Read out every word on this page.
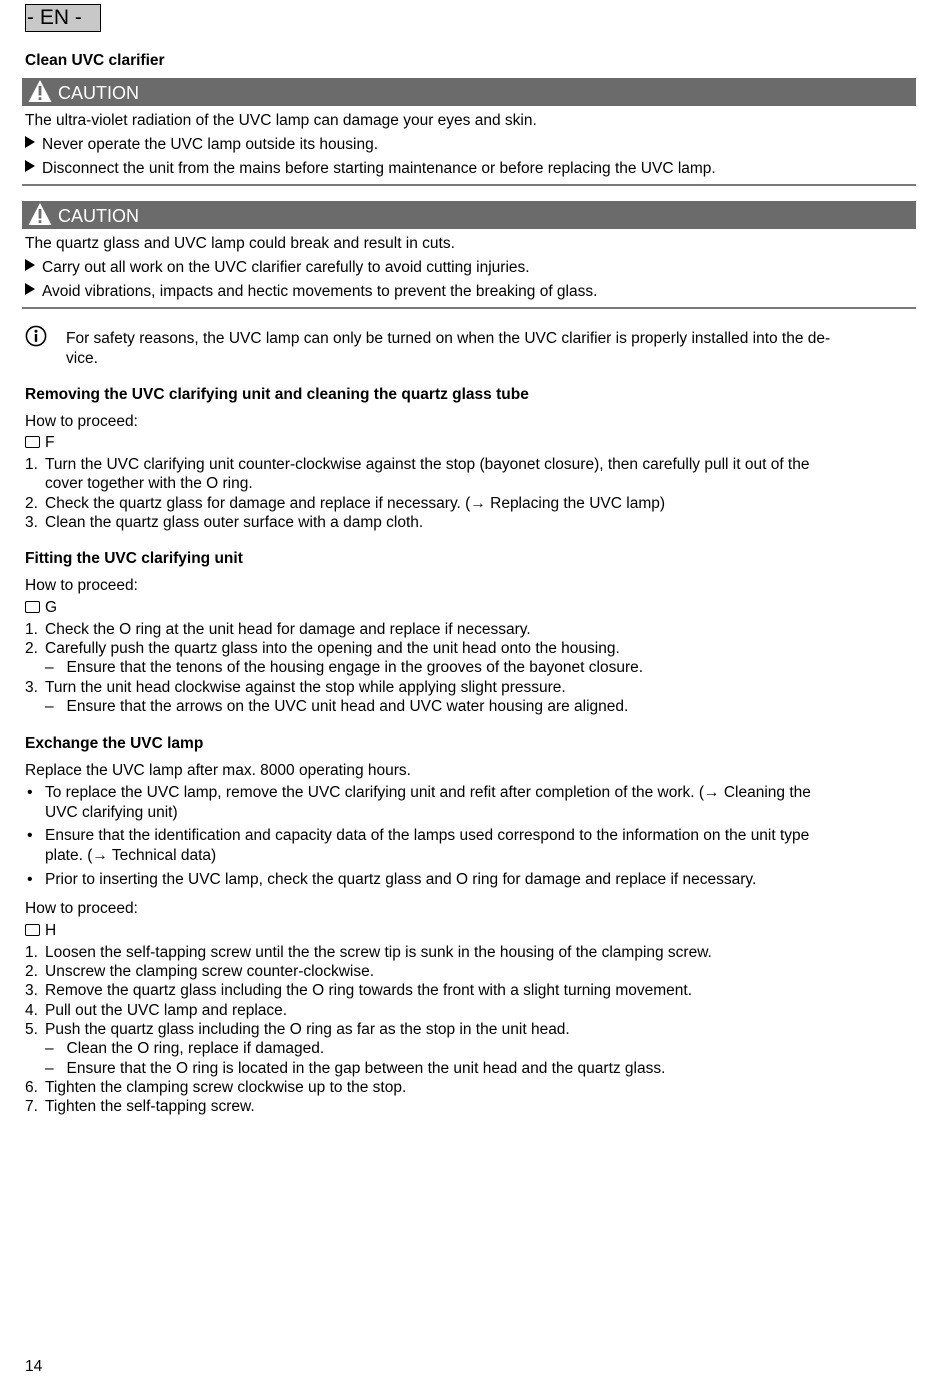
- EN -
Clean UVC clarifier
CAUTION
The ultra-violet radiation of the UVC lamp can damage your eyes and skin.
Never operate the UVC lamp outside its housing.
Disconnect the unit from the mains before starting maintenance or before replacing the UVC lamp.
CAUTION
The quartz glass and UVC lamp could break and result in cuts.
Carry out all work on the UVC clarifier carefully to avoid cutting injuries.
Avoid vibrations, impacts and hectic movements to prevent the breaking of glass.
For safety reasons, the UVC lamp can only be turned on when the UVC clarifier is properly installed into the de-
vice.
Removing the UVC clarifying unit and cleaning the quartz glass tube
How to proceed:
F
1. Turn the UVC clarifying unit counter-clockwise against the stop (bayonet closure), then carefully pull it out of the
cover together with the O ring.
2. Check the quartz glass for damage and replace if necessary. (→ Replacing the UVC lamp)
3. Clean the quartz glass outer surface with a damp cloth.
Fitting the UVC clarifying unit
How to proceed:
G
1. Check the O ring at the unit head for damage and replace if necessary.
2. Carefully push the quartz glass into the opening and the unit head onto the housing.
–   Ensure that the tenons of the housing engage in the grooves of the bayonet closure.
3. Turn the unit head clockwise against the stop while applying slight pressure.
–   Ensure that the arrows on the UVC unit head and UVC water housing are aligned.
Exchange the UVC lamp
Replace the UVC lamp after max. 8000 operating hours.
• To replace the UVC lamp, remove the UVC clarifying unit and refit after completion of the work. (→ Cleaning the
UVC clarifying unit)
• Ensure that the identification and capacity data of the lamps used correspond to the information on the unit type
plate. (→ Technical data)
• Prior to inserting the UVC lamp, check the quartz glass and O ring for damage and replace if necessary.
How to proceed:
H
1. Loosen the self-tapping screw until the the screw tip is sunk in the housing of the clamping screw.
2. Unscrew the clamping screw counter-clockwise.
3. Remove the quartz glass including the O ring towards the front with a slight turning movement.
4. Pull out the UVC lamp and replace.
5. Push the quartz glass including the O ring as far as the stop in the unit head.
–   Clean the O ring, replace if damaged.
–   Ensure that the O ring is located in the gap between the unit head and the quartz glass.
6. Tighten the clamping screw clockwise up to the stop.
7. Tighten the self-tapping screw.
14
